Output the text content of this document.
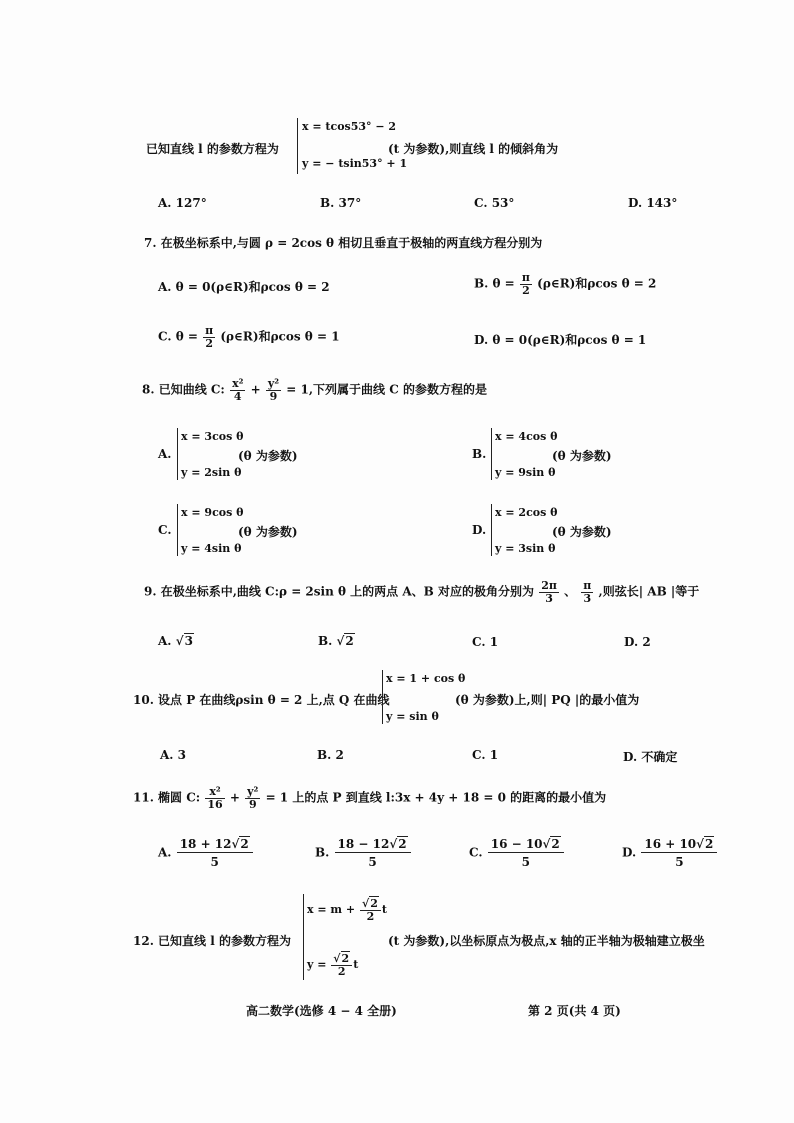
已知直线 l 的参数方程为
x = tcos53° − 2
y = − tsin53° + 1
(t 为参数),则直线 l 的倾斜角为
A. 127°	B. 37°	C. 53°	D. 143°
7. 在极坐标系中,与圆 ρ = 2cos θ 相切且垂直于极轴的两直线方程分别为
A. θ = 0(ρ∈R)和ρcos θ = 2	B. $\theta = \frac{\pi}{2}$ (ρ∈R)和ρcos θ = 2
C. $\theta = \frac{\pi}{2}$ (ρ∈R)和ρcos θ = 1	D. θ = 0(ρ∈R)和ρcos θ = 1
8. 已知曲线 C: $\frac{\text{x²}}{4} + \frac{\text{y²}}{9} = 1$,下列属于曲线 C 的参数方程的是
A.
x = 3cos θ
y = 2sin θ
(θ 为参数)	B.
x = 4cos θ
y = 9sin θ
(θ 为参数)
C.
x = 9cos θ
y = 4sin θ
(θ 为参数)	D.
x = 2cos θ
y = 3sin θ
(θ 为参数)
9. 在极坐标系中,曲线 C:ρ = 2sin θ 上的两点 A、B 对应的极角分别为 $\frac{2\pi}{3}$ 、 $\frac{\pi}{3}$ ,则弦长| AB |等于
A. √3	B. √2	C. 1	D. 2
10. 设点 P 在曲线ρsin θ = 2 上,点 Q 在曲线
x = 1 + cos θ
y = sin θ
(θ 为参数)上,则| PQ |的最小值为
A. 3	B. 2	C. 1	D. 不确定
11. 椭圆 C: $\frac{\text{x²}}{16} + \frac{\text{y²}}{9} = 1$ 上的点 P 到直线 l:3x + 4y + 18 = 0 的距离的最小值为
A. $\frac{18 + 12√2}{5}$	B. $\frac{18 - 12√2}{5}$	C. $\frac{16 - 10√2}{5}$	D. $\frac{16 + 10√2}{5}$
12. 已知直线 l 的参数方程为
$x = m + \frac{√2}{2}$ t
$y = \frac{√2}{2}$ t
(t 为参数),以坐标原点为极点,x 轴的正半轴为极轴建立极坐
高二数学(选修 4 − 4 全册)	第 2 页(共 4 页)
